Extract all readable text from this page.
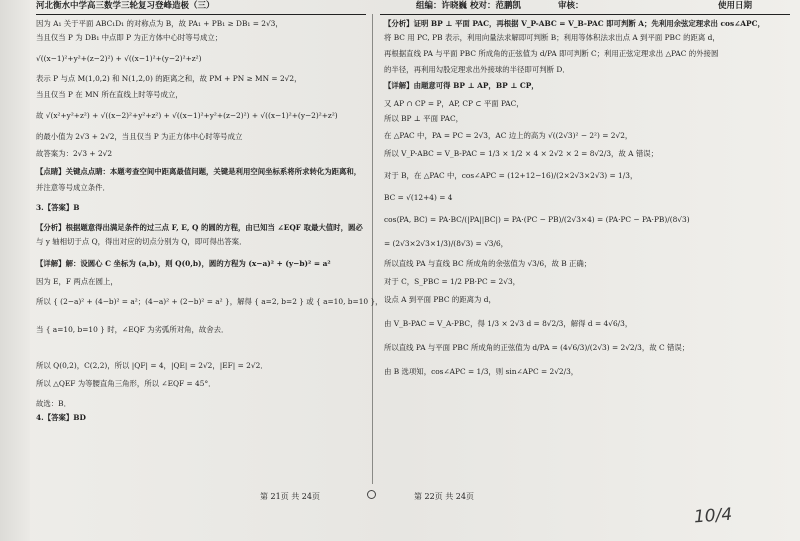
河北衡水中学高三数学三轮复习登峰造极（三）	组编：许晓巍 校对：范鹏凯	审核：	使用日期
因为 A₁ 关于平面 ABC₁D₁ 的对称点为 B，故 PA₁ + PB₁ ≥ DB₁ = 2√3，
当且仅当 P 为 DB₁ 中点即 P 为正方体中心时等号成立；
√((x−1)²+y²+(z−2)²) + √((x−1)²+(y−2)²+z²)
表示 P 与点 M(1,0,2) 和 N(1,2,0) 的距离之和，故 PM + PN ≥ MN = 2√2，
当且仅当 P 在 MN 所在直线上时等号成立，
故 √(x²+y²+z²) + √((x−2)²+y²+z²) + √((x−1)²+y²+(z−2)²) + √((x−1)²+(y−2)²+z²)
的最小值为 2√3 + 2√2，当且仅当 P 为正方体中心时等号成立
故答案为：2√3 + 2√2
【点睛】关键点点睛：本题考查空间中距离最值问题，关键是利用空间坐标系将所求转化为距离和，
并注意等号成立条件．
3.【答案】B
【分析】根据题意得出满足条件的过三点 F, E, Q 的圆的方程，由已知当 ∠EQF 取最大值时，圆必
与 y 轴相切于点 Q，得出对应的切点分别为 Q，即可得出答案．
【详解】解：设圆心 C 坐标为 (a,b)，则 Q(0,b)，圆的方程为 (x−a)² + (y−b)² = a²
因为 E，F 两点在圆上，
所以 { (2−a)² + (4−b)² = a²；(4−a)² + (2−b)² = a² }，解得 { a=2, b=2 } 或 { a=10, b=10 }，
当 { a=10, b=10 } 时，∠EQF 为劣弧所对角，故舍去．
所以 Q(0,2)，C(2,2)，所以 |QF| = 4，|QE| = 2√2，|EF| = 2√2．
所以 △QEF 为等腰直角三角形，所以 ∠EQF = 45°．
故选：B．
4.【答案】BD
【分析】证明 BP ⊥ 平面 PAC，再根据 V_P-ABC = V_B-PAC 即可判断 A；先利用余弦定理求出 cos∠APC，
将 BC 用 PC, PB 表示，利用向量法求解即可判断 B；利用等体积法求出点 A 到平面 PBC 的距离 d，
再根据直线 PA 与平面 PBC 所成角的正弦值为 d/PA 即可判断 C；利用正弦定理求出 △PAC 的外接圆
的半径，再利用勾股定理求出外接球的半径即可判断 D．
【详解】由题意可得 BP ⊥ AP，BP ⊥ CP，
又 AP ∩ CP = P，AP, CP ⊂ 平面 PAC，
所以 BP ⊥ 平面 PAC，
在 △PAC 中，PA = PC = 2√3，AC 边上的高为 √((2√3)² − 2²) = 2√2，
所以 V_P-ABC = V_B-PAC = 1/3 × 1/2 × 4 × 2√2 × 2 = 8√2/3，故 A 错误；
对于 B，在 △PAC 中，cos∠APC = (12+12−16)/(2×2√3×2√3) = 1/3，
BC = √(12+4) = 4
cos⟨PA, BC⟩ = PA·BC/(|PA||BC|) = PA·(PC − PB)/(2√3×4) = (PA·PC − PA·PB)/(8√3)
= (2√3×2√3×1/3)/(8√3) = √3/6，
所以直线 PA 与直线 BC 所成角的余弦值为 √3/6，故 B 正确；
对于 C，S_PBC = 1/2 PB·PC = 2√3，
设点 A 到平面 PBC 的距离为 d，
由 V_B-PAC = V_A-PBC，得 1/3 × 2√3 d = 8√2/3，解得 d = 4√6/3，
所以直线 PA 与平面 PBC 所成角的正弦值为 d/PA = (4√6/3)/(2√3) = 2√2/3，故 C 错误；
由 B 选项知，cos∠APC = 1/3，则 sin∠APC = 2√2/3，
第 21页 共 24页	第 22页 共 24页
10/4
